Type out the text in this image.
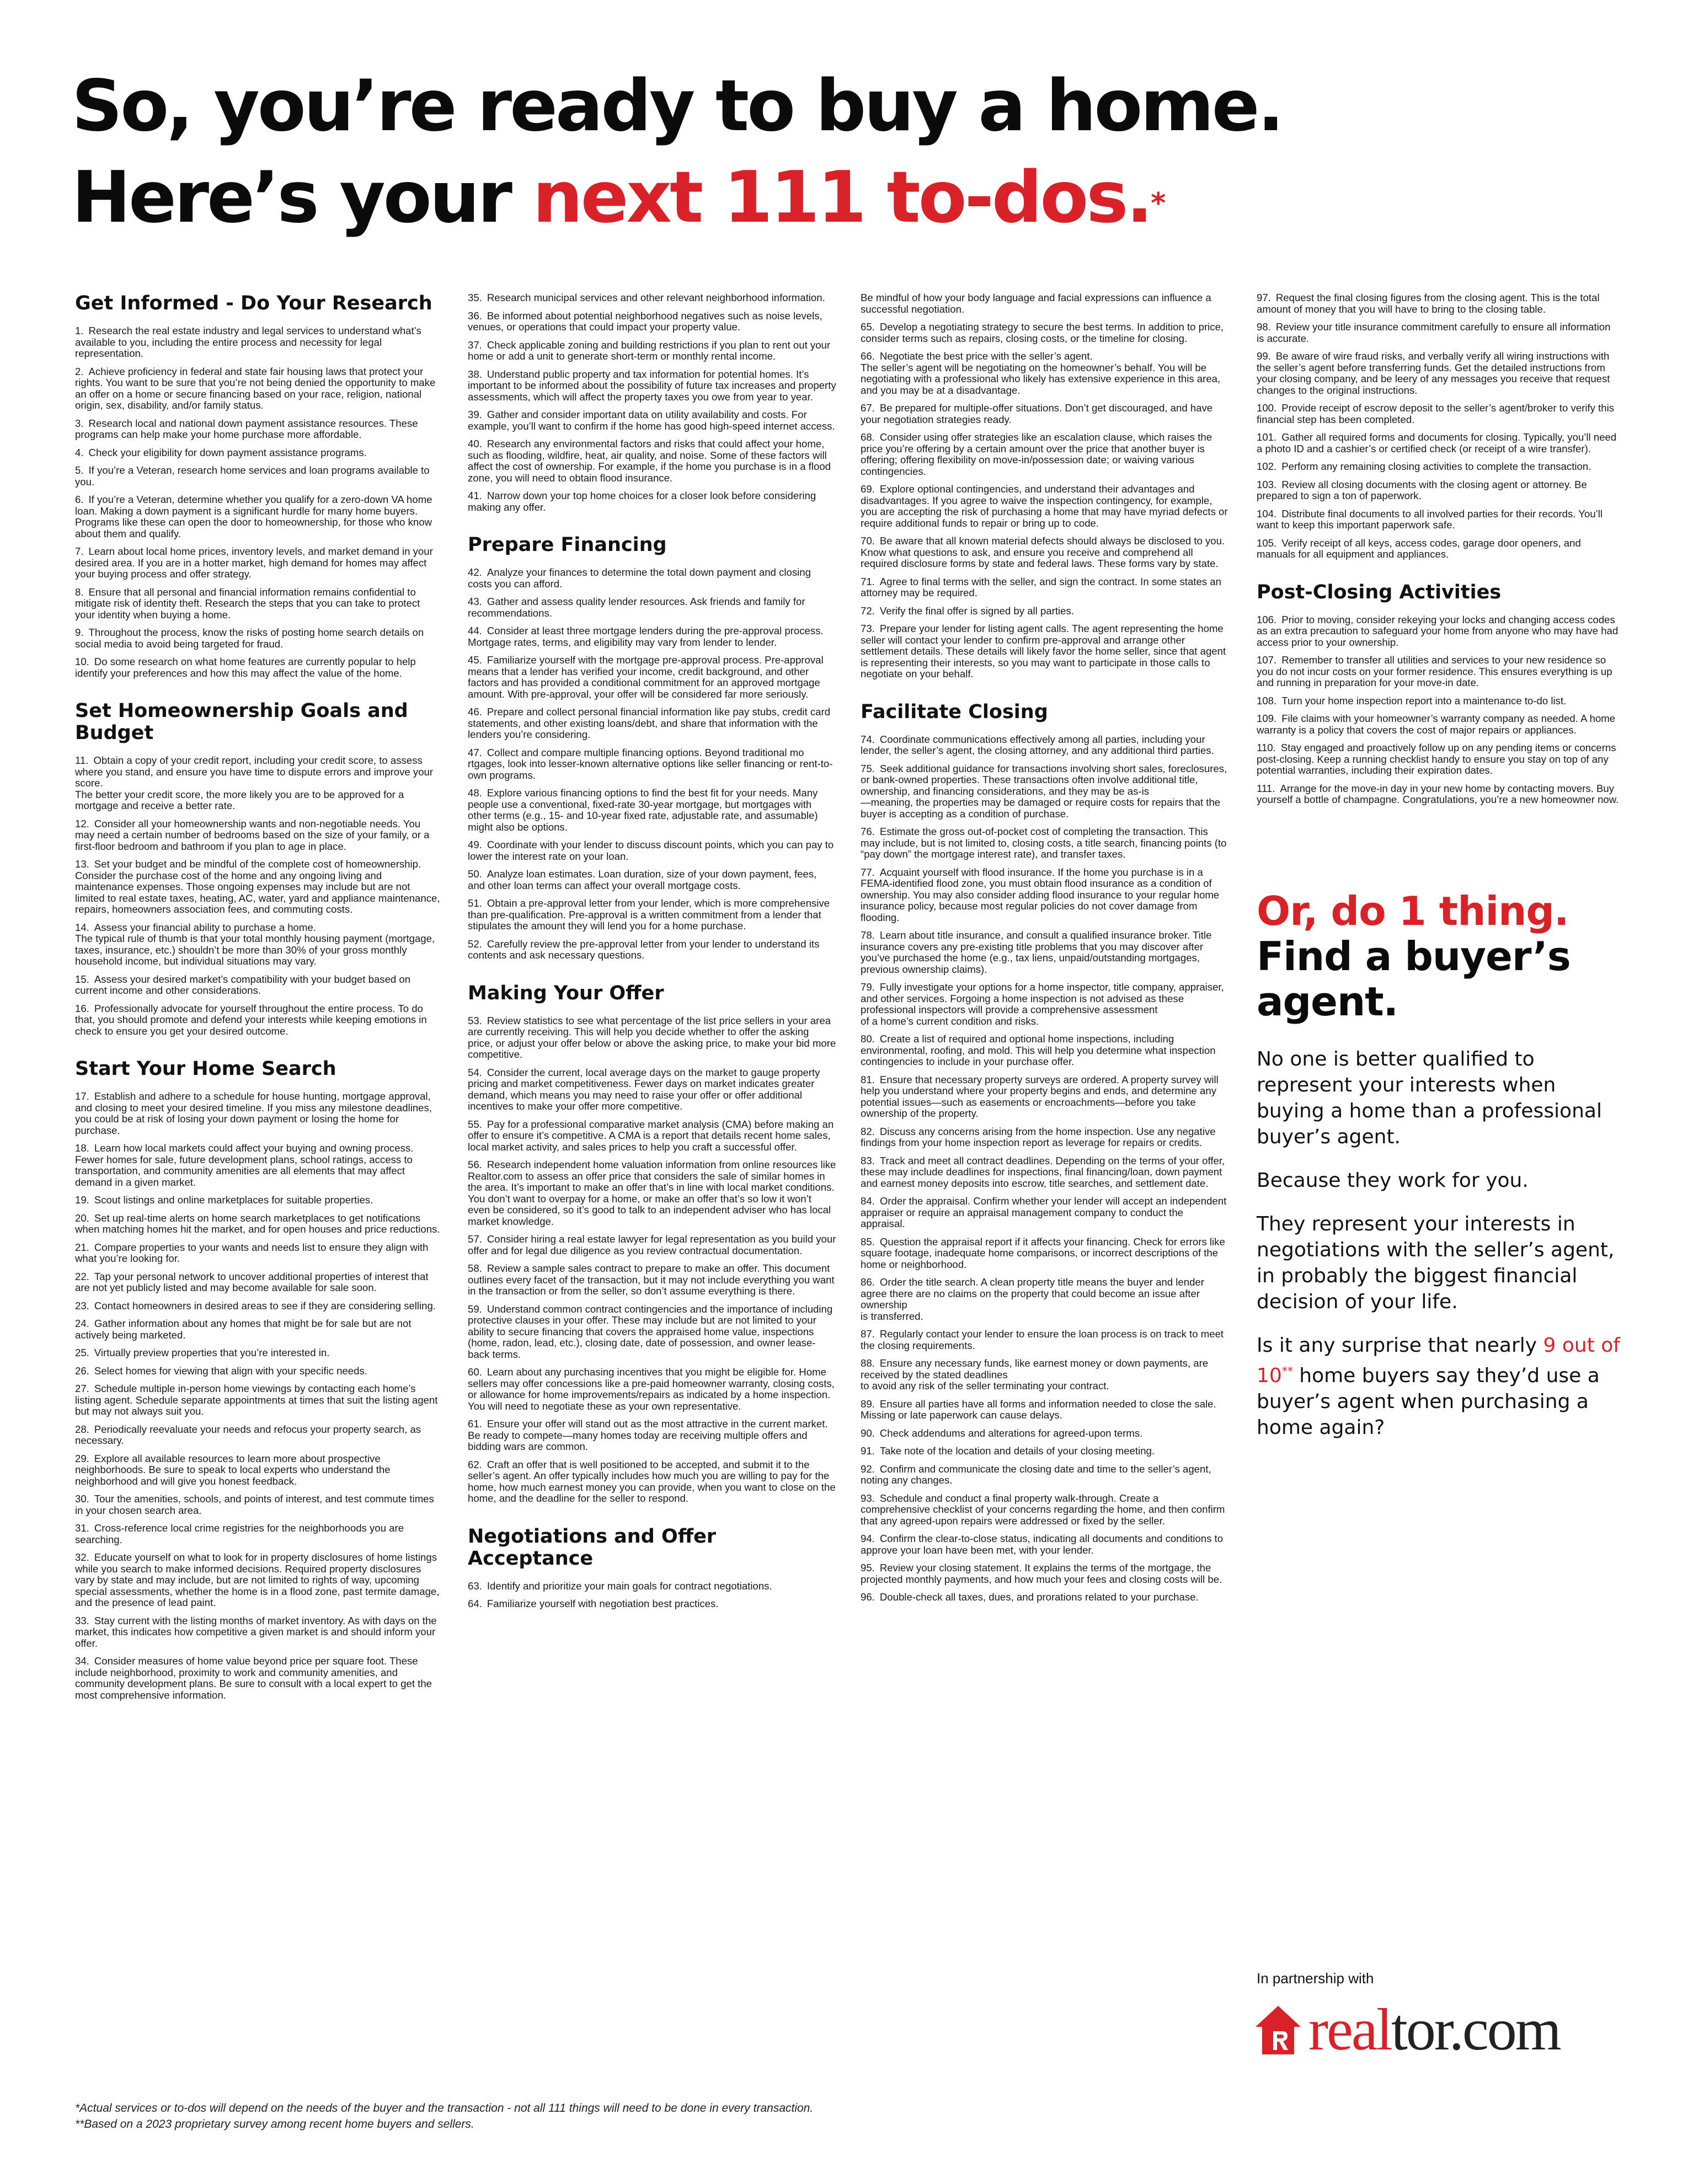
So, you’re ready to buy a home.
Here’s your next 111 to-dos.*
Get Informed - Do Your Research
1. Research the real estate industry and legal services to understand what’s available to you, including the entire process and necessity for legal representation.
2. Achieve proficiency in federal and state fair housing laws that protect your rights. You want to be sure that you’re not being denied the opportunity to make an offer on a home or secure financing based on your race, religion, national origin, sex, disability, and/or family status.
3. Research local and national down payment assistance resources. These programs can help make your home purchase more affordable.
4. Check your eligibility for down payment assistance programs.
5. If you’re a Veteran, research home services and loan programs available to you.
6. If you’re a Veteran, determine whether you qualify for a zero-down VA home loan. Making a down payment is a significant hurdle for many home buyers. Programs like these can open the door to homeownership, for those who know about them and qualify.
7. Learn about local home prices, inventory levels, and market demand in your desired area. If you are in a hotter market, high demand for homes may affect your buying process and offer strategy.
8. Ensure that all personal and financial information remains confidential to mitigate risk of identity theft. Research the steps that you can take to protect your identity when buying a home.
9. Throughout the process, know the risks of posting home search details on social media to avoid being targeted for fraud.
10. Do some research on what home features are currently popular to help identify your preferences and how this may affect the value of the home.
Set Homeownership Goals and Budget
11. Obtain a copy of your credit report, including your credit score, to assess where you stand, and ensure you have time to dispute errors and improve your score.
The better your credit score, the more likely you are to be approved for a mortgage and receive a better rate.
12. Consider all your homeownership wants and non-negotiable needs. You may need a certain number of bedrooms based on the size of your family, or a first-floor bedroom and bathroom if you plan to age in place.
13. Set your budget and be mindful of the complete cost of homeownership. Consider the purchase cost of the home and any ongoing living and maintenance expenses. Those ongoing expenses may include but are not limited to real estate taxes, heating, AC, water, yard and appliance maintenance, repairs, homeowners association fees, and commuting costs.
14. Assess your financial ability to purchase a home.
The typical rule of thumb is that your total monthly housing payment (mortgage, taxes, insurance, etc.) shouldn’t be more than 30% of your gross monthly household income, but individual situations may vary.
15. Assess your desired market’s compatibility with your budget based on current income and other considerations.
16. Professionally advocate for yourself throughout the entire process. To do that, you should promote and defend your interests while keeping emotions in check to ensure you get your desired outcome.
Start Your Home Search
17. Establish and adhere to a schedule for house hunting, mortgage approval, and closing to meet your desired timeline. If you miss any milestone deadlines, you could be at risk of losing your down payment or losing the home for purchase.
18. Learn how local markets could affect your buying and owning process. Fewer homes for sale, future development plans, school ratings, access to transportation, and community amenities are all elements that may affect demand in a given market.
19. Scout listings and online marketplaces for suitable properties.
20. Set up real-time alerts on home search marketplaces to get notifications when matching homes hit the market, and for open houses and price reductions.
21. Compare properties to your wants and needs list to ensure they align with what you’re looking for.
22. Tap your personal network to uncover additional properties of interest that are not yet publicly listed and may become available for sale soon.
23. Contact homeowners in desired areas to see if they are considering selling.
24. Gather information about any homes that might be for sale but are not actively being marketed.
25. Virtually preview properties that you’re interested in.
26. Select homes for viewing that align with your specific needs.
27. Schedule multiple in-person home viewings by contacting each home’s listing agent. Schedule separate appointments at times that suit the listing agent but may not always suit you.
28. Periodically reevaluate your needs and refocus your property search, as necessary.
29. Explore all available resources to learn more about prospective neighborhoods. Be sure to speak to local experts who understand the neighborhood and will give you honest feedback.
30. Tour the amenities, schools, and points of interest, and test commute times in your chosen search area.
31. Cross-reference local crime registries for the neighborhoods you are searching.
32. Educate yourself on what to look for in property disclosures of home listings while you search to make informed decisions. Required property disclosures vary by state and may include, but are not limited to rights of way, upcoming special assessments, whether the home is in a flood zone, past termite damage, and the presence of lead paint.
33. Stay current with the listing months of market inventory. As with days on the market, this indicates how competitive a given market is and should inform your offer.
34. Consider measures of home value beyond price per square foot. These include neighborhood, proximity to work and community amenities, and community development plans. Be sure to consult with a local expert to get the most comprehensive information.
35. Research municipal services and other relevant neighborhood information.
36. Be informed about potential neighborhood negatives such as noise levels, venues, or operations that could impact your property value.
37. Check applicable zoning and building restrictions if you plan to rent out your home or add a unit to generate short-term or monthly rental income.
38. Understand public property and tax information for potential homes. It’s important to be informed about the possibility of future tax increases and property assessments, which will affect the property taxes you owe from year to year.
39. Gather and consider important data on utility availability and costs. For example, you’ll want to confirm if the home has good high-speed internet access.
40. Research any environmental factors and risks that could affect your home, such as flooding, wildfire, heat, air quality, and noise. Some of these factors will affect the cost of ownership. For example, if the home you purchase is in a flood zone, you will need to obtain flood insurance.
41. Narrow down your top home choices for a closer look before considering making any offer.
Prepare Financing
42. Analyze your finances to determine the total down payment and closing costs you can afford.
43. Gather and assess quality lender resources. Ask friends and family for recommendations.
44. Consider at least three mortgage lenders during the pre-approval process. Mortgage rates, terms, and eligibility may vary from lender to lender.
45. Familiarize yourself with the mortgage pre-approval process. Pre-approval means that a lender has verified your income, credit background, and other factors and has provided a conditional commitment for an approved mortgage amount. With pre-approval, your offer will be considered far more seriously.
46. Prepare and collect personal financial information like pay stubs, credit card statements, and other existing loans/debt, and share that information with the lenders you’re considering.
47. Collect and compare multiple financing options. Beyond traditional mo rtgages, look into lesser-known alternative options like seller financing or rent-to-own programs.
48. Explore various financing options to find the best fit for your needs. Many people use a conventional, fixed-rate 30-year mortgage, but mortgages with other terms (e.g., 15- and 10-year fixed rate, adjustable rate, and assumable) might also be options.
49. Coordinate with your lender to discuss discount points, which you can pay to lower the interest rate on your loan.
50. Analyze loan estimates. Loan duration, size of your down payment, fees, and other loan terms can affect your overall mortgage costs.
51. Obtain a pre-approval letter from your lender, which is more comprehensive than pre-qualification. Pre-approval is a written commitment from a lender that stipulates the amount they will lend you for a home purchase.
52. Carefully review the pre-approval letter from your lender to understand its contents and ask necessary questions.
Making Your Offer
53. Review statistics to see what percentage of the list price sellers in your area are currently receiving. This will help you decide whether to offer the asking price, or adjust your offer below or above the asking price, to make your bid more competitive.
54. Consider the current, local average days on the market to gauge property pricing and market competitiveness. Fewer days on market indicates greater demand, which means you may need to raise your offer or offer additional incentives to make your offer more competitive.
55. Pay for a professional comparative market analysis (CMA) before making an offer to ensure it’s competitive. A CMA is a report that details recent home sales, local market activity, and sales prices to help you craft a successful offer.
56. Research independent home valuation information from online resources like Realtor.com to assess an offer price that considers the sale of similar homes in the area. It’s important to make an offer that’s in line with local market conditions. You don’t want to overpay for a home, or make an offer that’s so low it won’t even be considered, so it’s good to talk to an independent adviser who has local market knowledge.
57. Consider hiring a real estate lawyer for legal representation as you build your offer and for legal due diligence as you review contractual documentation.
58. Review a sample sales contract to prepare to make an offer. This document outlines every facet of the transaction, but it may not include everything you want in the transaction or from the seller, so don’t assume everything is there.
59. Understand common contract contingencies and the importance of including protective clauses in your offer. These may include but are not limited to your ability to secure financing that covers the appraised home value, inspections (home, radon, lead, etc.), closing date, date of possession, and owner lease-back terms.
60. Learn about any purchasing incentives that you might be eligible for. Home sellers may offer concessions like a pre-paid homeowner warranty, closing costs, or allowance for home improvements/repairs as indicated by a home inspection. You will need to negotiate these as your own representative.
61. Ensure your offer will stand out as the most attractive in the current market. Be ready to compete—many homes today are receiving multiple offers and bidding wars are common.
62. Craft an offer that is well positioned to be accepted, and submit it to the seller’s agent. An offer typically includes how much you are willing to pay for the home, how much earnest money you can provide, when you want to close on the home, and the deadline for the seller to respond.
Negotiations and Offer Acceptance
63. Identify and prioritize your main goals for contract negotiations.
64. Familiarize yourself with negotiation best practices.
Be mindful of how your body language and facial expressions can influence a successful negotiation.
65. Develop a negotiating strategy to secure the best terms. In addition to price, consider terms such as repairs, closing costs, or the timeline for closing.
66. Negotiate the best price with the seller’s agent.
The seller’s agent will be negotiating on the homeowner’s behalf. You will be negotiating with a professional who likely has extensive experience in this area, and you may be at a disadvantage.
67. Be prepared for multiple-offer situations. Don’t get discouraged, and have your negotiation strategies ready.
68. Consider using offer strategies like an escalation clause, which raises the price you’re offering by a certain amount over the price that another buyer is offering; offering flexibility on move-in/possession date; or waiving various contingencies.
69. Explore optional contingencies, and understand their advantages and disadvantages. If you agree to waive the inspection contingency, for example, you are accepting the risk of purchasing a home that may have myriad defects or require additional funds to repair or bring up to code.
70. Be aware that all known material defects should always be disclosed to you. Know what questions to ask, and ensure you receive and comprehend all required disclosure forms by state and federal laws. These forms vary by state.
71. Agree to final terms with the seller, and sign the contract. In some states an attorney may be required.
72. Verify the final offer is signed by all parties.
73. Prepare your lender for listing agent calls. The agent representing the home seller will contact your lender to confirm pre-approval and arrange other settlement details. These details will likely favor the home seller, since that agent is representing their interests, so you may want to participate in those calls to negotiate on your behalf.
Facilitate Closing
74. Coordinate communications effectively among all parties, including your lender, the seller’s agent, the closing attorney, and any additional third parties.
75. Seek additional guidance for transactions involving short sales, foreclosures, or bank-owned properties. These transactions often involve additional title, ownership, and financing considerations, and they may be as-is
—meaning, the properties may be damaged or require costs for repairs that the buyer is accepting as a condition of purchase.
76. Estimate the gross out-of-pocket cost of completing the transaction. This may include, but is not limited to, closing costs, a title search, financing points (to “pay down” the mortgage interest rate), and transfer taxes.
77. Acquaint yourself with flood insurance. If the home you purchase is in a FEMA-identified flood zone, you must obtain flood insurance as a condition of ownership. You may also consider adding flood insurance to your regular home insurance policy, because most regular policies do not cover damage from flooding.
78. Learn about title insurance, and consult a qualified insurance broker. Title insurance covers any pre-existing title problems that you may discover after you’ve purchased the home (e.g., tax liens, unpaid/outstanding mortgages, previous ownership claims).
79. Fully investigate your options for a home inspector, title company, appraiser, and other services. Forgoing a home inspection is not advised as these professional inspectors will provide a comprehensive assessment
of a home’s current condition and risks.
80. Create a list of required and optional home inspections, including environmental, roofing, and mold. This will help you determine what inspection contingencies to include in your purchase offer.
81. Ensure that necessary property surveys are ordered. A property survey will help you understand where your property begins and ends, and determine any potential issues—such as easements or encroachments—before you take ownership of the property.
82. Discuss any concerns arising from the home inspection. Use any negative findings from your home inspection report as leverage for repairs or credits.
83. Track and meet all contract deadlines. Depending on the terms of your offer, these may include deadlines for inspections, final financing/loan, down payment and earnest money deposits into escrow, title searches, and settlement date.
84. Order the appraisal. Confirm whether your lender will accept an independent appraiser or require an appraisal management company to conduct the appraisal.
85. Question the appraisal report if it affects your financing. Check for errors like square footage, inadequate home comparisons, or incorrect descriptions of the home or neighborhood.
86. Order the title search. A clean property title means the buyer and lender agree there are no claims on the property that could become an issue after ownership
is transferred.
87. Regularly contact your lender to ensure the loan process is on track to meet the closing requirements.
88. Ensure any necessary funds, like earnest money or down payments, are received by the stated deadlines
to avoid any risk of the seller terminating your contract.
89. Ensure all parties have all forms and information needed to close the sale. Missing or late paperwork can cause delays.
90. Check addendums and alterations for agreed-upon terms.
91. Take note of the location and details of your closing meeting.
92. Confirm and communicate the closing date and time to the seller’s agent, noting any changes.
93. Schedule and conduct a final property walk-through. Create a comprehensive checklist of your concerns regarding the home, and then confirm that any agreed-upon repairs were addressed or fixed by the seller.
94. Confirm the clear-to-close status, indicating all documents and conditions to approve your loan have been met, with your lender.
95. Review your closing statement. It explains the terms of the mortgage, the projected monthly payments, and how much your fees and closing costs will be.
96. Double-check all taxes, dues, and prorations related to your purchase.
97. Request the final closing figures from the closing agent. This is the total amount of money that you will have to bring to the closing table.
98. Review your title insurance commitment carefully to ensure all information is accurate.
99. Be aware of wire fraud risks, and verbally verify all wiring instructions with the seller’s agent before transferring funds. Get the detailed instructions from your closing company, and be leery of any messages you receive that request changes to the original instructions.
100. Provide receipt of escrow deposit to the seller’s agent/broker to verify this financial step has been completed.
101. Gather all required forms and documents for closing. Typically, you’ll need a photo ID and a cashier’s or certified check (or receipt of a wire transfer).
102. Perform any remaining closing activities to complete the transaction.
103. Review all closing documents with the closing agent or attorney. Be prepared to sign a ton of paperwork.
104. Distribute final documents to all involved parties for their records. You’ll want to keep this important paperwork safe.
105. Verify receipt of all keys, access codes, garage door openers, and manuals for all equipment and appliances.
Post-Closing Activities
106. Prior to moving, consider rekeying your locks and changing access codes as an extra precaution to safeguard your home from anyone who may have had access prior to your ownership.
107. Remember to transfer all utilities and services to your new residence so you do not incur costs on your former residence. This ensures everything is up and running in preparation for your move-in date.
108. Turn your home inspection report into a maintenance to-do list.
109. File claims with your homeowner’s warranty company as needed. A home warranty is a policy that covers the cost of major repairs or appliances.
110. Stay engaged and proactively follow up on any pending items or concerns post-closing. Keep a running checklist handy to ensure you stay on top of any potential warranties, including their expiration dates.
111. Arrange for the move-in day in your new home by contacting movers. Buy yourself a bottle of champagne. Congratulations, you’re a new homeowner now.
Or, do 1 thing.
Find a buyer’s agent.

No one is better qualified to represent your interests when buying a home than a professional buyer’s agent.

Because they work for you.

They represent your interests in negotiations with the seller’s agent, in probably the biggest financial decision of your life.

Is it any surprise that nearly 9 out of 10** home buyers say they’d use a buyer’s agent when purchasing a home again?

In partnership with
realtor.com
*Actual services or to-dos will depend on the needs of the buyer and the transaction - not all 111 things will need to be done in every transaction.
**Based on a 2023 proprietary survey among recent home buyers and sellers.
